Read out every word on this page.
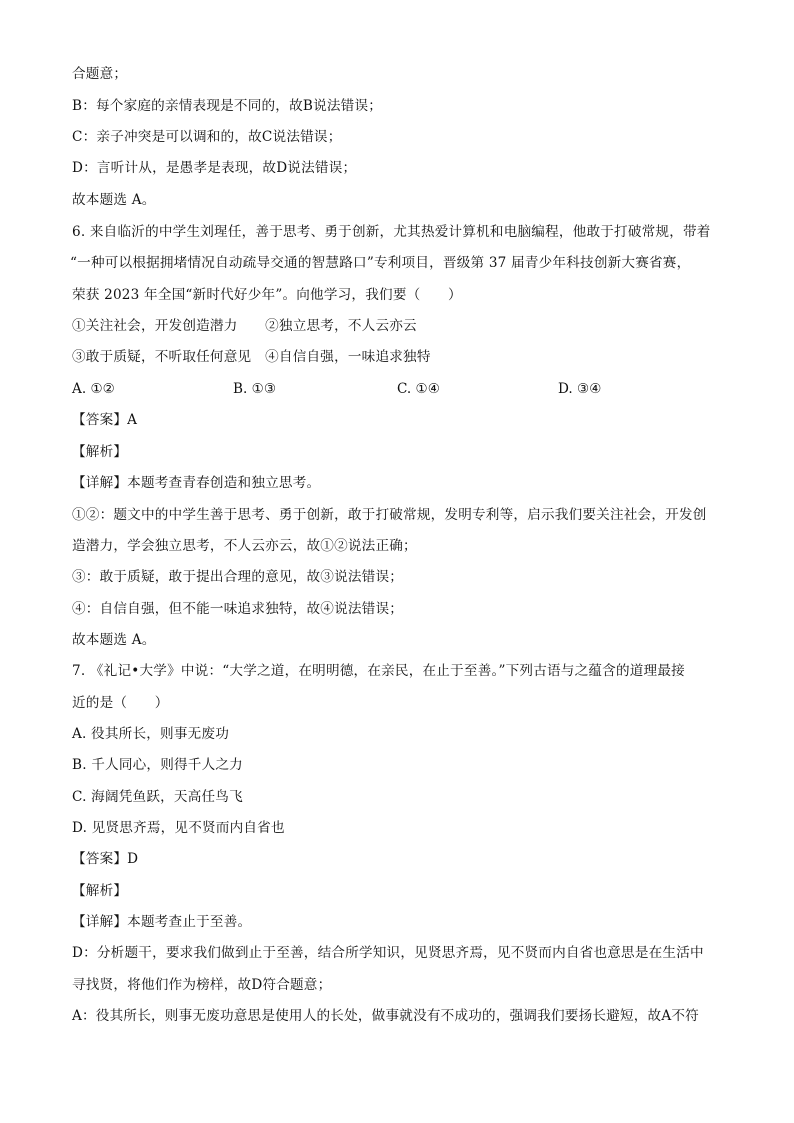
合题意；
B：每个家庭的亲情表现是不同的，故B说法错误；
C：亲子冲突是可以调和的，故C说法错误；
D：言听计从，是愚孝是表现，故D说法错误；
故本题选 A。
6. 来自临沂的中学生刘瑆任，善于思考、勇于创新，尤其热爱计算机和电脑编程，他敢于打破常规，带着
“一种可以根据拥堵情况自动疏导交通的智慧路口”专利项目，晋级第 37 届青少年科技创新大赛省赛，
荣获 2023 年全国“新时代好少年”。向他学习，我们要（　　）
①关注社会，开发创造潜力　　②独立思考，不人云亦云
③敢于质疑，不听取任何意见　④自信自强，一味追求独特
A. ①②	B. ①③	C. ①④	D. ③④
【答案】A
【解析】
【详解】本题考查青春创造和独立思考。
①②：题文中的中学生善于思考、勇于创新，敢于打破常规，发明专利等，启示我们要关注社会，开发创
造潜力，学会独立思考，不人云亦云，故①②说法正确；
③：敢于质疑，敢于提出合理的意见，故③说法错误；
④：自信自强，但不能一味追求独特，故④说法错误；
故本题选 A。
7. 《礼记•大学》中说：“大学之道，在明明德，在亲民，在止于至善。”下列古语与之蕴含的道理最接
近的是（　　）
A. 役其所长，则事无废功
B. 千人同心，则得千人之力
C. 海阔凭鱼跃，天高任鸟飞
D. 见贤思齐焉，见不贤而内自省也
【答案】D
【解析】
【详解】本题考查止于至善。
D：分析题干，要求我们做到止于至善，结合所学知识，见贤思齐焉，见不贤而内自省也意思是在生活中
寻找贤，将他们作为榜样，故D符合题意；
A：役其所长，则事无废功意思是使用人的长处，做事就没有不成功的，强调我们要扬长避短，故A不符
